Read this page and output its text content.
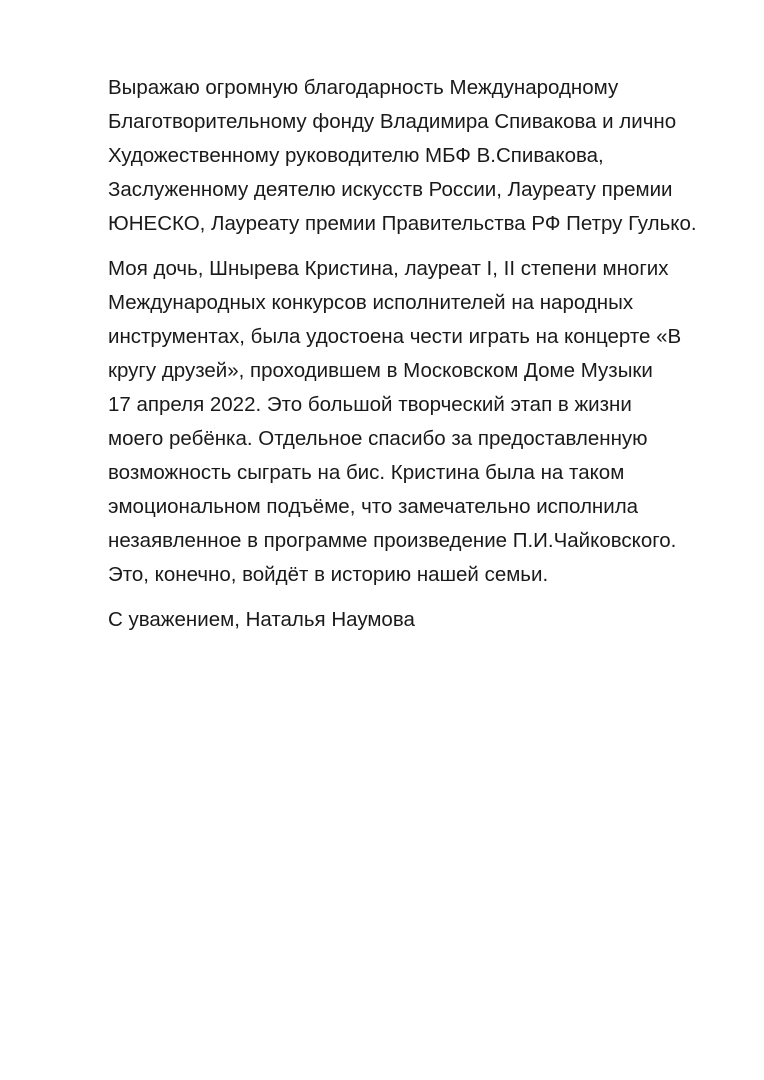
Выражаю огромную благодарность Международному
Благотворительному фонду Владимира Спивакова и лично
Художественному руководителю МБФ В.Спивакова,
Заслуженному деятелю искусств России, Лауреату премии
ЮНЕСКО, Лауреату премии Правительства РФ Петру Гулько.
Моя дочь, Шнырева Кристина, лауреат I, II степени многих
Международных конкурсов исполнителей на народных
инструментах, была удостоена чести играть на концерте «В
кругу друзей», проходившем в Московском Доме Музыки
17 апреля 2022. Это большой творческий этап в жизни
моего ребёнка. Отдельное спасибо за предоставленную
возможность сыграть на бис. Кристина была на таком
эмоциональном подъёме, что замечательно исполнила
незаявленное в программе произведение П.И.Чайковского.
Это, конечно, войдёт в историю нашей семьи.
С уважением, Наталья Наумова
